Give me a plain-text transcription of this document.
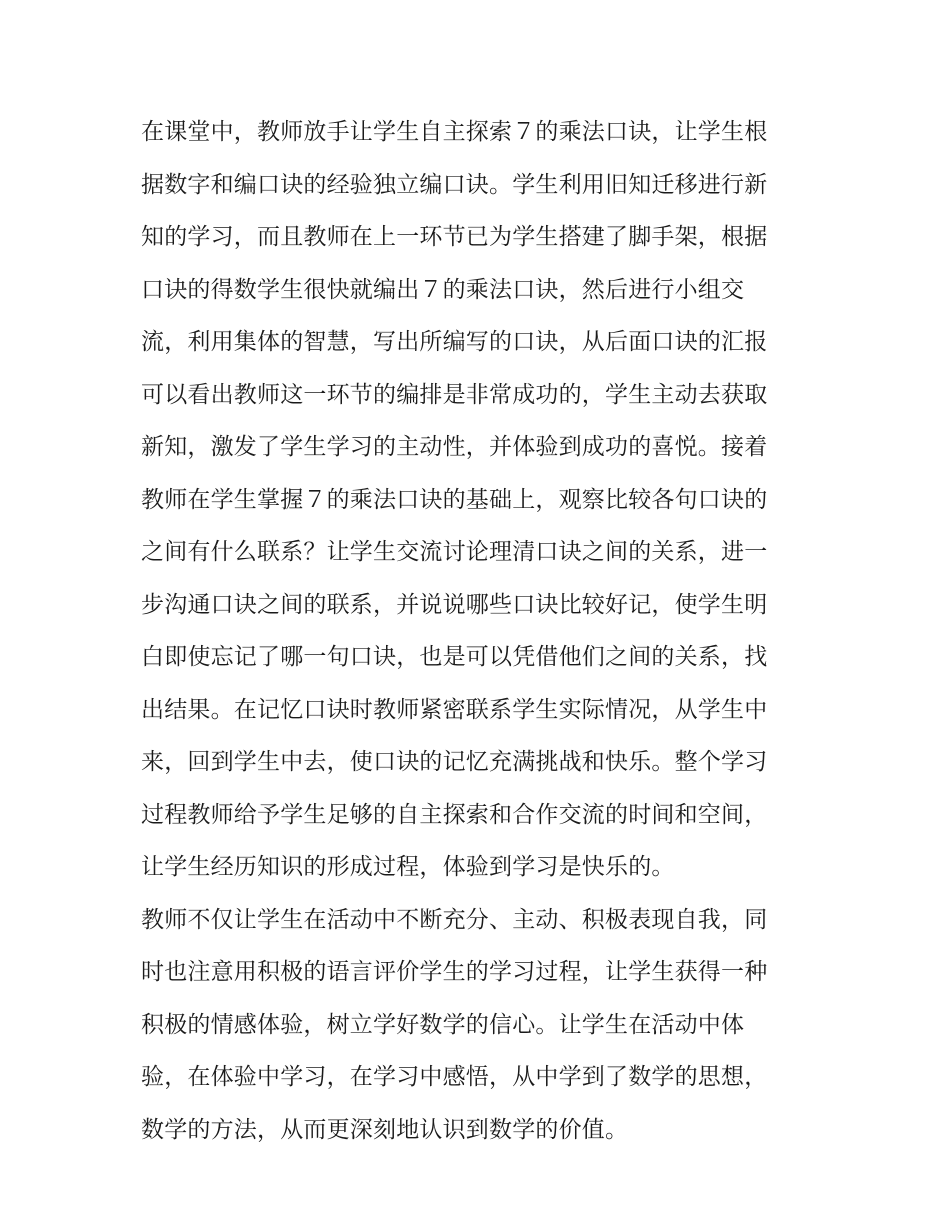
在课堂中，教师放手让学生自主探索７的乘法口诀，让学生根
据数字和编口诀的经验独立编口诀。学生利用旧知迁移进行新
知的学习，而且教师在上一环节已为学生搭建了脚手架，根据
口诀的得数学生很快就编出７的乘法口诀，然后进行小组交
流，利用集体的智慧，写出所编写的口诀，从后面口诀的汇报
可以看出教师这一环节的编排是非常成功的，学生主动去获取
新知，激发了学生学习的主动性，并体验到成功的喜悦。接着
教师在学生掌握７的乘法口诀的基础上，观察比较各句口诀的
之间有什么联系？让学生交流讨论理清口诀之间的关系，进一
步沟通口诀之间的联系，并说说哪些口诀比较好记，使学生明
白即使忘记了哪一句口诀，也是可以凭借他们之间的关系，找
出结果。在记忆口诀时教师紧密联系学生实际情况，从学生中
来，回到学生中去，使口诀的记忆充满挑战和快乐。整个学习
过程教师给予学生足够的自主探索和合作交流的时间和空间，
让学生经历知识的形成过程，体验到学习是快乐的。
教师不仅让学生在活动中不断充分、主动、积极表现自我，同
时也注意用积极的语言评价学生的学习过程，让学生获得一种
积极的情感体验，树立学好数学的信心。让学生在活动中体
验，在体验中学习，在学习中感悟，从中学到了数学的思想，
数学的方法，从而更深刻地认识到数学的价值。
